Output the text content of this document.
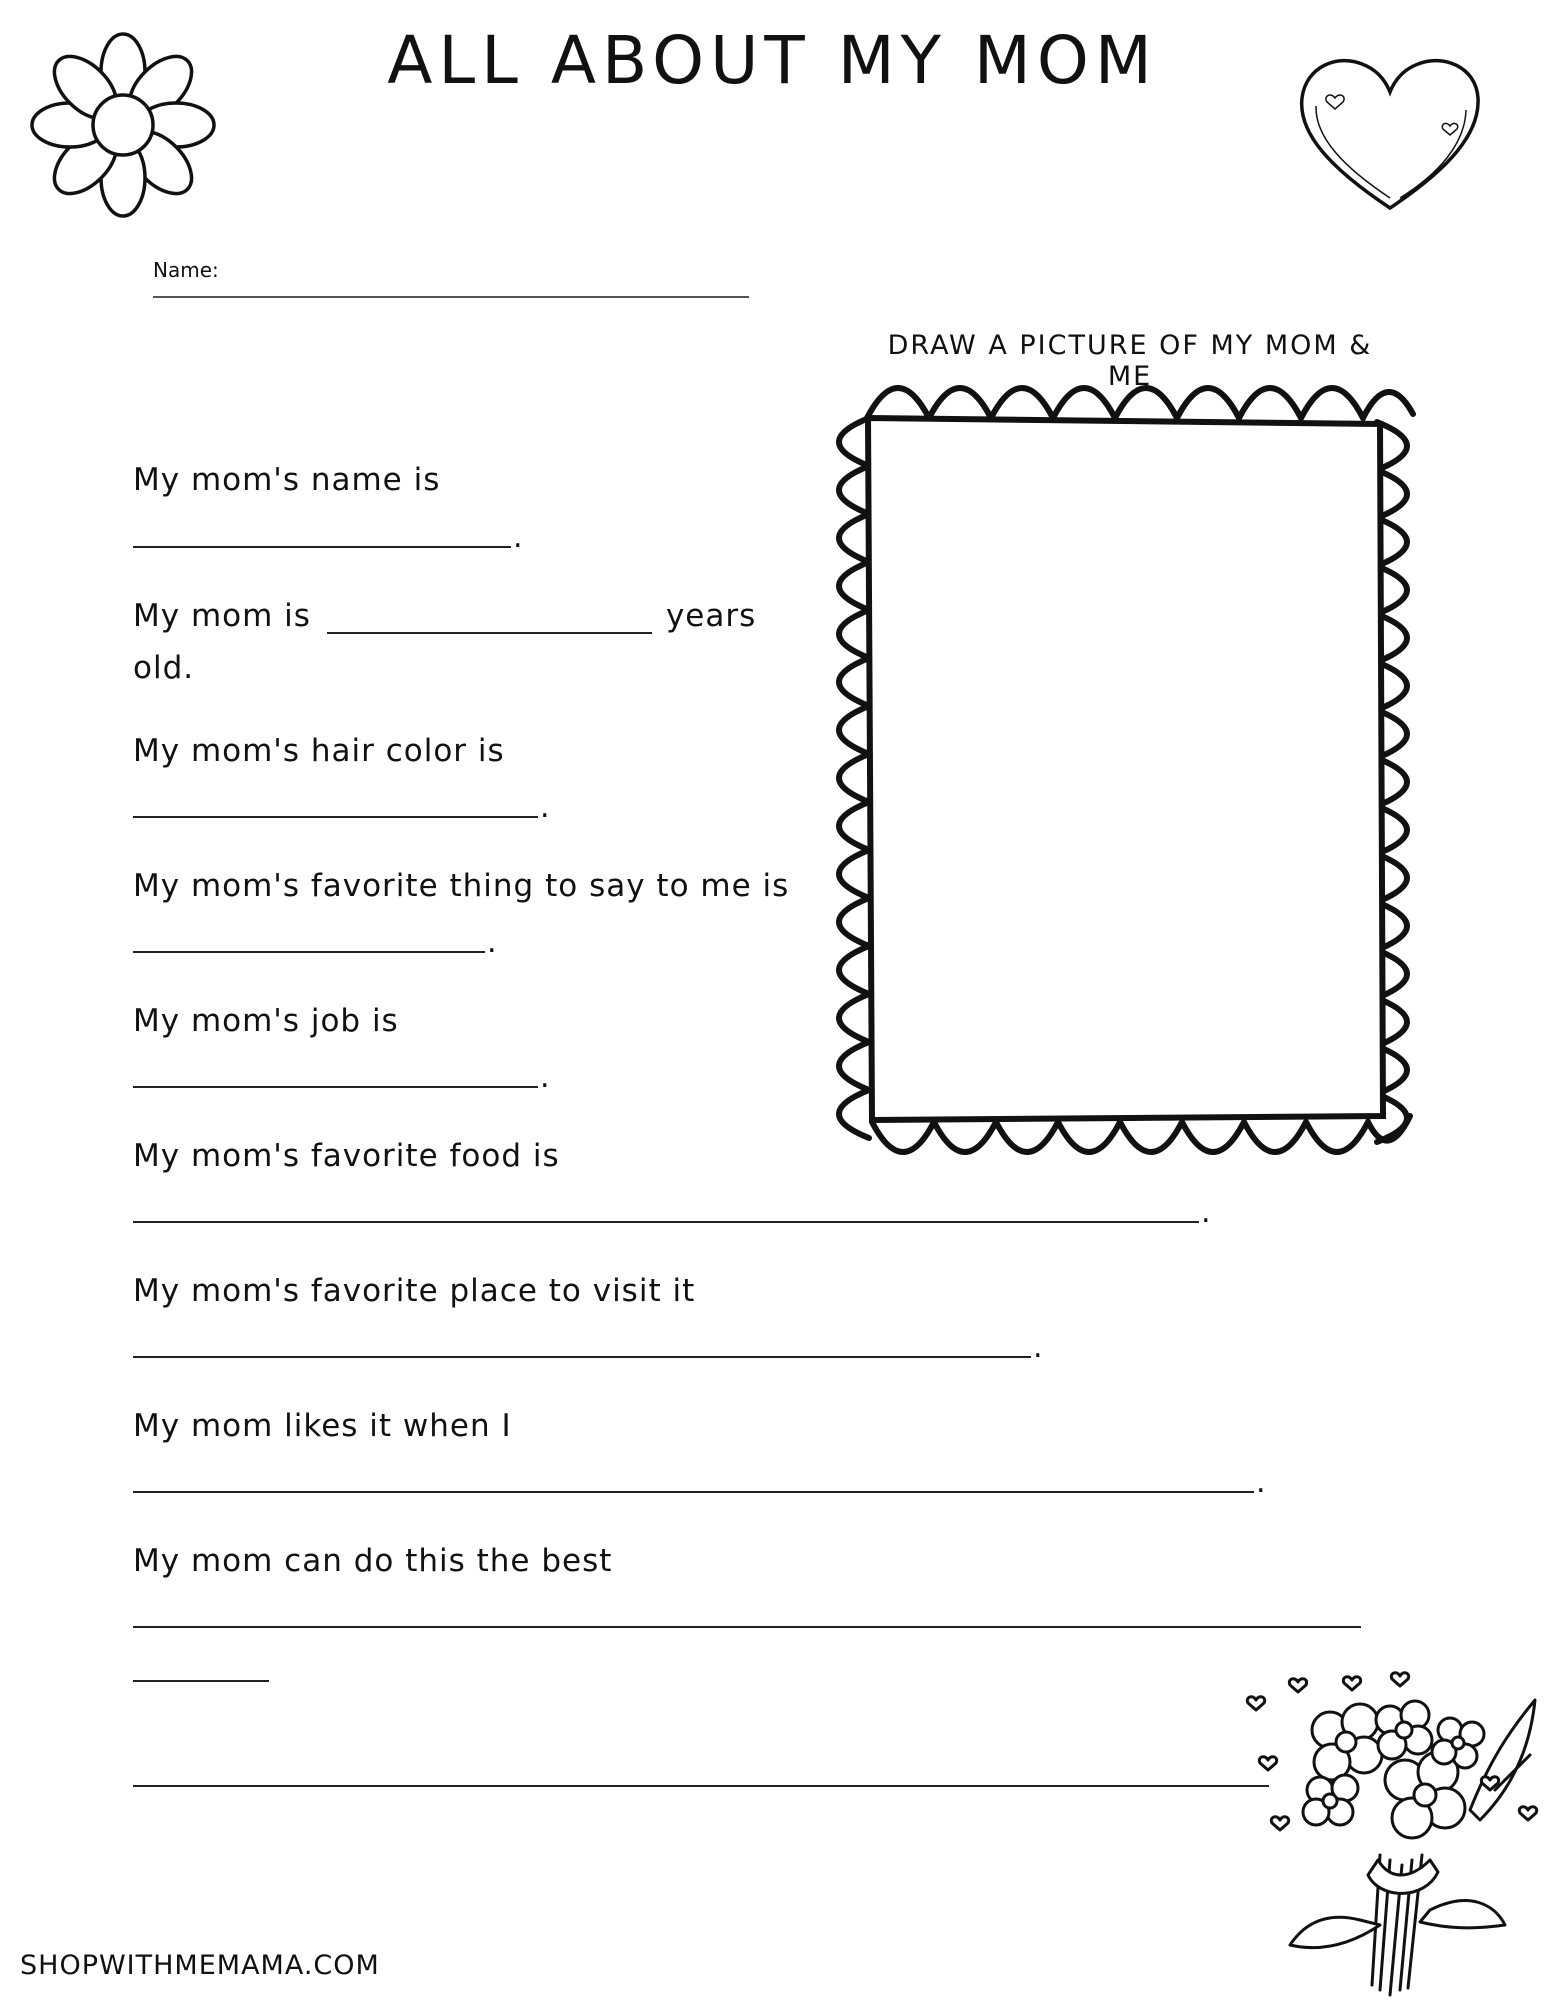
ALL ABOUT MY MOM
Name:
DRAW A PICTURE OF MY MOM & ME
My mom's name is
.
My mom is	years
old.
My mom's hair color is
.
My mom's favorite thing to say to me is
.
My mom's job is
.
My mom's favorite food is
.
My mom's favorite place to visit it
.
My mom likes it when I
.
My mom can do this the best
SHOPWITHMEMAMA.COM
